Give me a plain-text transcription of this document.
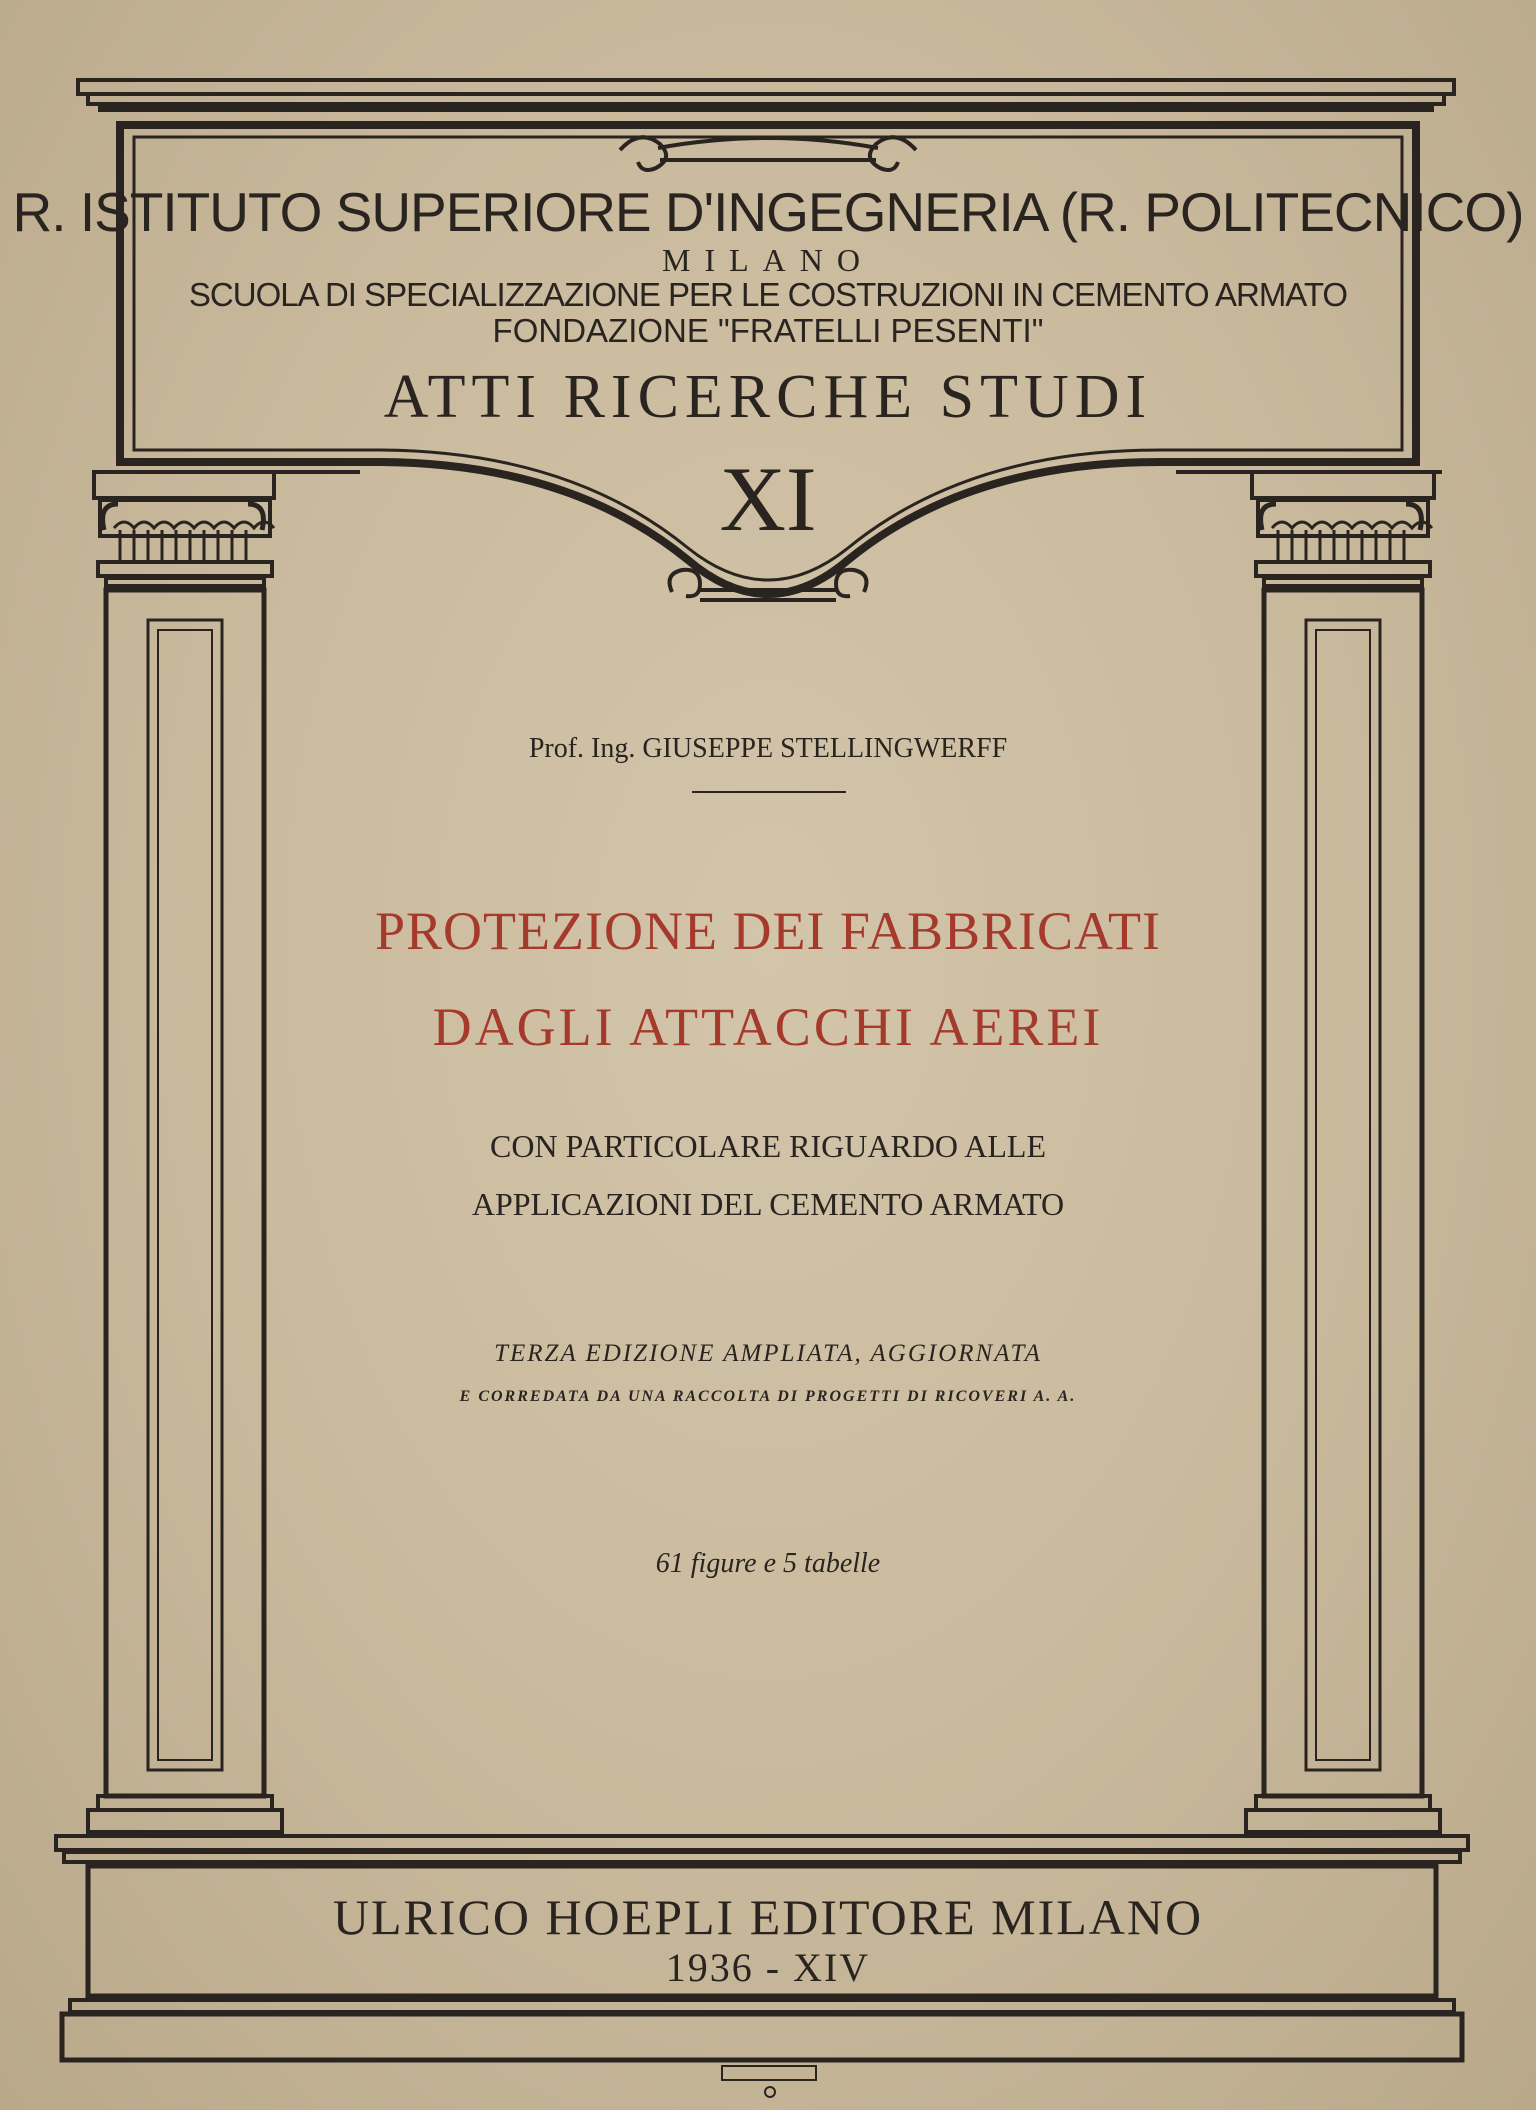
R. ISTITUTO SUPERIORE D'INGEGNERIA (R. POLITECNICO)

MILANO

SCUOLA DI SPECIALIZZAZIONE PER LE COSTRUZIONI IN CEMENTO ARMATO

FONDAZIONE "FRATELLI PESENTI"

ATTI RICERCHE STUDI

XI

Prof. Ing. GIUSEPPE STELLINGWERFF

PROTEZIONE DEI FABBRICATI

DAGLI ATTACCHI AEREI

CON PARTICOLARE RIGUARDO ALLE

APPLICAZIONI DEL CEMENTO ARMATO

TERZA EDIZIONE AMPLIATA, AGGIORNATA

E CORREDATA DA UNA RACCOLTA DI PROGETTI DI RICOVERI A. A.

61 figure e 5 tabelle

ULRICO HOEPLI EDITORE MILANO

1936 - XIV
